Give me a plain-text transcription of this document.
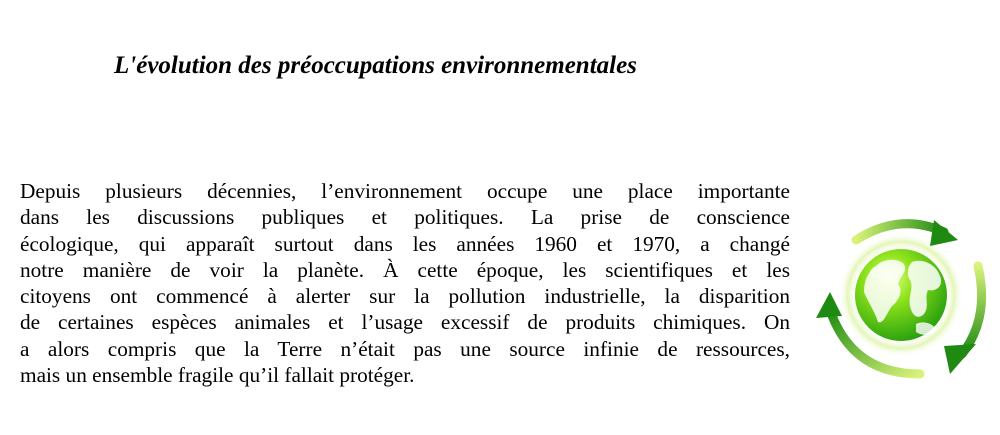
L'évolution des préoccupations environnementales
Depuis plusieurs décennies, l’environnement occupe une place importante
dans les discussions publiques et politiques. La prise de conscience
écologique, qui apparaît surtout dans les années 1960 et 1970, a changé
notre manière de voir la planète. À cette époque, les scientifiques et les
citoyens ont commencé à alerter sur la pollution industrielle, la disparition
de certaines espèces animales et l’usage excessif de produits chimiques. On
a alors compris que la Terre n’était pas une source infinie de ressources,
mais un ensemble fragile qu’il fallait protéger.
